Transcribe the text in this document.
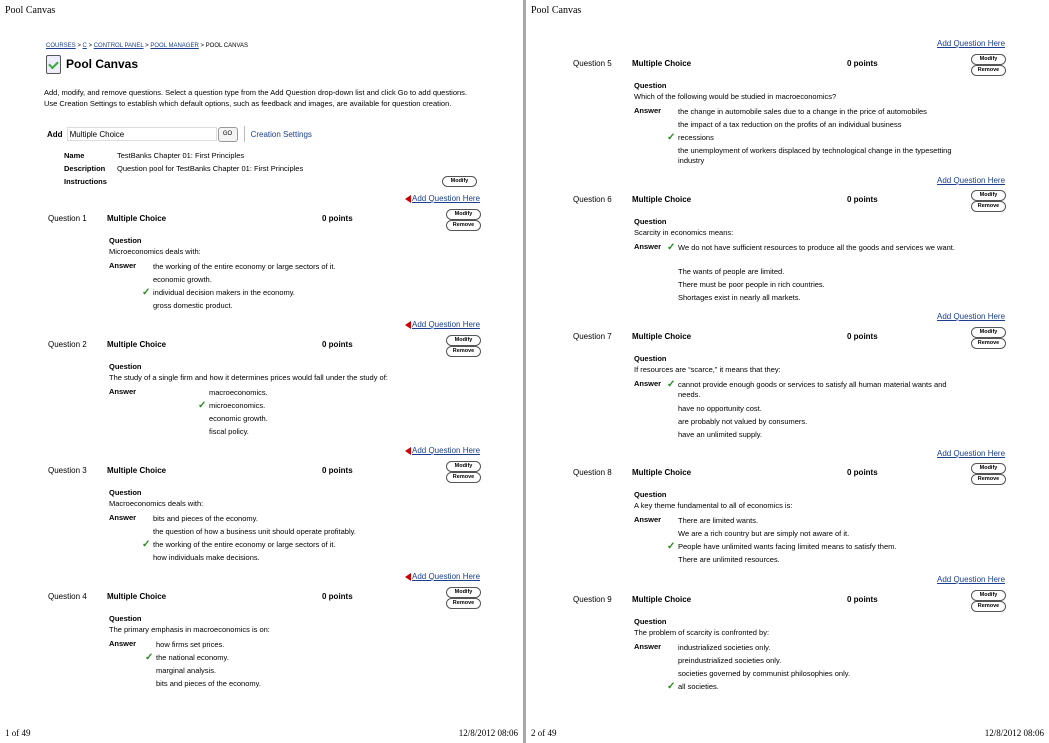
Pool Canvas
COURSES > C > CONTROL PANEL > POOL MANAGER > POOL CANVAS
Pool Canvas
Add, modify, and remove questions. Select a question type from the Add Question drop-down list and click Go to add questions. Use Creation Settings to establish which default options, such as feedback and images, are available for question creation.
Add Multiple Choice	GO	Creation Settings
Name	TestBanks Chapter 01: First Principles
Description Question pool for TestBanks Chapter 01: First Principles
Instructions	Modify
Add Question Here
Question 1	Multiple Choice	0 points	Modify
Remove
Question
Microeconomics deals with:
Answer the working of the entire economy or large sectors of it.
economic growth.
individual decision makers in the economy.
✓
gross domestic product.
Add Question Here
Question 2	Multiple Choice	0 points	Modify
Remove
Question
The study of a single firm and how it determines prices would fall under the study of:
Answer	macroeconomics.
microeconomics.
✓
economic growth.
fiscal policy.
Add Question Here
Question 3	Multiple Choice	0 points	Modify
Remove
Question
Macroeconomics deals with:
Answer bits and pieces of the economy.
the question of how a business unit should operate profitably.
the working of the entire economy or large sectors of it.
✓
how individuals make decisions.
Add Question Here
Question 4	Multiple Choice	0 points	Modify
Remove
Question
The primary emphasis in macroeconomics is on:
Answer	how firms set prices.
the national economy.
✓
marginal analysis.
bits and pieces of the economy.
1 of 49	12/8/2012 08:06
Pool Canvas
Add Question Here
Question 5	Multiple Choice	0 points	Modify
Remove
Question
Which of the following would be studied in macroeconomics?
Answer the change in automobile sales due to a change in the price of automobiles
the impact of a tax reduction on the profits of an individual business
recessions
✓
the unemployment of workers displaced by technological change in the typesetting industry
Add Question Here
Question 6	Multiple Choice	0 points	Modify
Remove
Question
Scarcity in economics means:
Answer We do not have sufficient resources to produce all the goods and services we want.
✓
The wants of people are limited.
There must be poor people in rich countries.
Shortages exist in nearly all markets.
Add Question Here
Question 7	Multiple Choice	0 points	Modify
Remove
Question
If resources are “scarce,” it means that they:
Answer cannot provide enough goods or services to satisfy all human material wants and needs.
✓
have no opportunity cost.
are probably not valued by consumers.
have an unlimited supply.
Add Question Here
Question 8	Multiple Choice	0 points	Modify
Remove
Question
A key theme fundamental to all of economics is:
Answer There are limited wants.
We are a rich country but are simply not aware of it.
People have unlimited wants facing limited means to satisfy them.
✓
There are unlimited resources.
Add Question Here
Question 9	Multiple Choice	0 points	Modify
Remove
Question
The problem of scarcity is confronted by:
Answer industrialized societies only.
preindustrialized societies only.
societies governed by communist philosophies only.
all societies.
✓
2 of 49	12/8/2012 08:06
